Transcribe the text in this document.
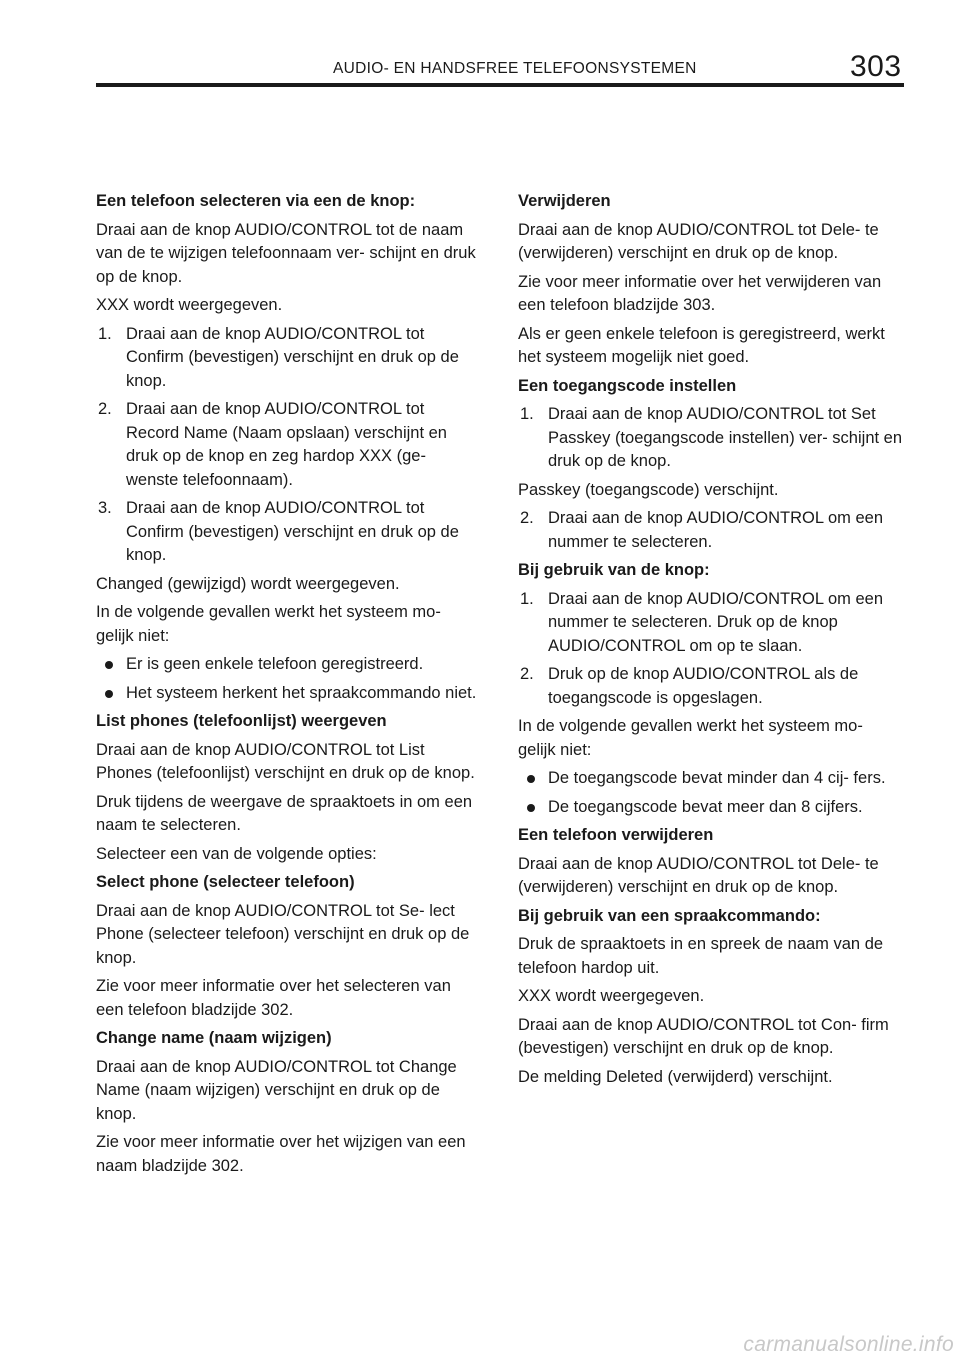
AUDIO- EN HANDSFREE TELEFOONSYSTEMEN	303

Een telefoon selecteren via een de knop:

Draai aan de knop AUDIO/CONTROL tot de naam van de te wijzigen telefoonnaam ver- schijnt en druk op de knop.

XXX wordt weergegeven.

1. Draai aan de knop AUDIO/CONTROL tot Confirm (bevestigen) verschijnt en druk op de knop.
2. Draai aan de knop AUDIO/CONTROL tot Record Name (Naam opslaan) verschijnt en druk op de knop en zeg hardop XXX (ge- wenste telefoonnaam).
3. Draai aan de knop AUDIO/CONTROL tot Confirm (bevestigen) verschijnt en druk op de knop.

Changed (gewijzigd) wordt weergegeven.

In de volgende gevallen werkt het systeem mo- gelijk niet:

Er is geen enkele telefoon geregistreerd.
Het systeem herkent het spraakcommando niet.

List phones (telefoonlijst) weergeven

Draai aan de knop AUDIO/CONTROL tot List Phones (telefoonlijst) verschijnt en druk op de knop.

Druk tijdens de weergave de spraaktoets in om een naam te selecteren.

Selecteer een van de volgende opties:

Select phone (selecteer telefoon)

Draai aan de knop AUDIO/CONTROL tot Se- lect Phone (selecteer telefoon) verschijnt en druk op de knop.

Zie voor meer informatie over het selecteren van een telefoon bladzijde 302.

Change name (naam wijzigen)

Draai aan de knop AUDIO/CONTROL tot Change Name (naam wijzigen) verschijnt en druk op de knop.

Zie voor meer informatie over het wijzigen van een naam bladzijde 302.

Verwijderen

Draai aan de knop AUDIO/CONTROL tot Dele- te (verwijderen) verschijnt en druk op de knop.

Zie voor meer informatie over het verwijderen van een telefoon bladzijde 303.

Als er geen enkele telefoon is geregistreerd, werkt het systeem mogelijk niet goed.

Een toegangscode instellen

1. Draai aan de knop AUDIO/CONTROL tot Set Passkey (toegangscode instellen) ver- schijnt en druk op de knop.

Passkey (toegangscode) verschijnt.

2. Draai aan de knop AUDIO/CONTROL om een nummer te selecteren.

Bij gebruik van de knop:

1. Draai aan de knop AUDIO/CONTROL om een nummer te selecteren. Druk op de knop AUDIO/CONTROL om op te slaan.
2. Druk op de knop AUDIO/CONTROL als de toegangscode is opgeslagen.

In de volgende gevallen werkt het systeem mo- gelijk niet:

De toegangscode bevat minder dan 4 cij- fers.
De toegangscode bevat meer dan 8 cijfers.

Een telefoon verwijderen

Draai aan de knop AUDIO/CONTROL tot Dele- te (verwijderen) verschijnt en druk op de knop.

Bij gebruik van een spraakcommando:

Druk de spraaktoets in en spreek de naam van de telefoon hardop uit.

XXX wordt weergegeven.

Draai aan de knop AUDIO/CONTROL tot Con- firm (bevestigen) verschijnt en druk op de knop.

De melding Deleted (verwijderd) verschijnt.

carmanualsonline.info
